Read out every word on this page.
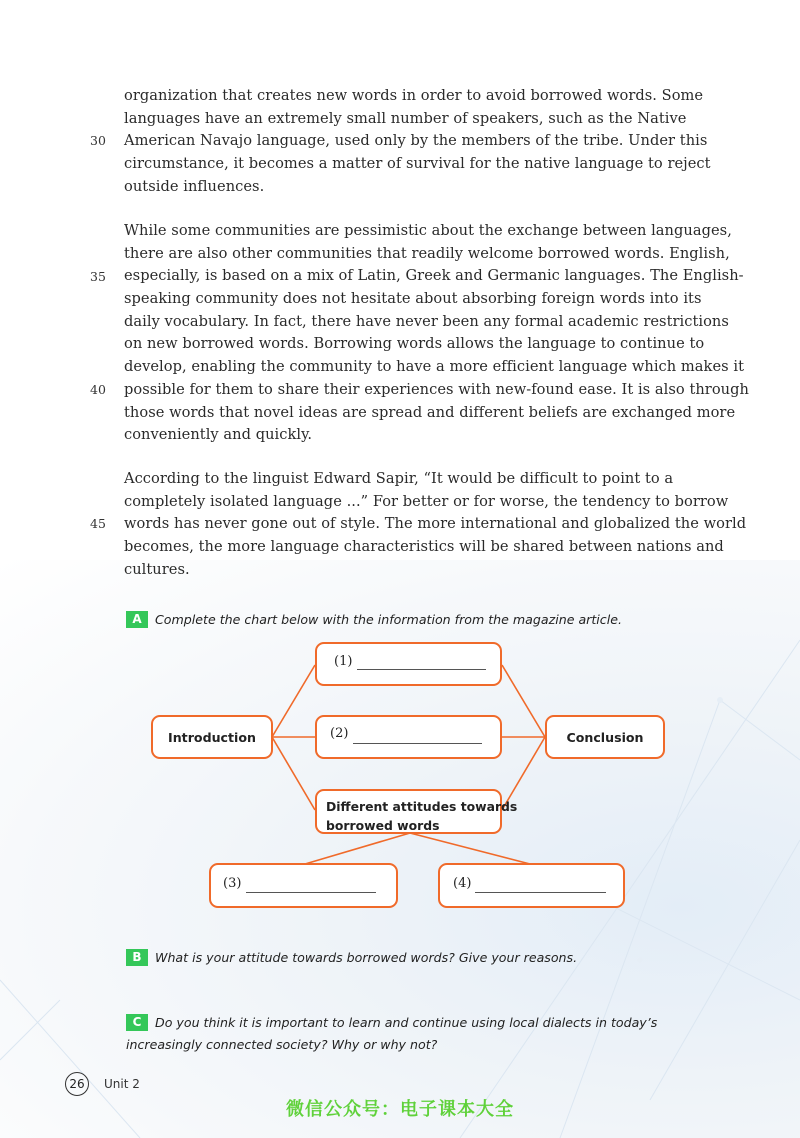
organization that creates new words in order to avoid borrowed words. Some
languages have an extremely small number of speakers, such as the Native
American Navajo language, used only by the members of the tribe. Under this
circumstance, it becomes a matter of survival for the native language to reject
outside influences.
While some communities are pessimistic about the exchange between languages,
there are also other communities that readily welcome borrowed words. English,
especially, is based on a mix of Latin, Greek and Germanic languages. The English-
speaking community does not hesitate about absorbing foreign words into its
daily vocabulary. In fact, there have never been any formal academic restrictions
on new borrowed words. Borrowing words allows the language to continue to
develop, enabling the community to have a more efficient language which makes it
possible for them to share their experiences with new-found ease. It is also through
those words that novel ideas are spread and different beliefs are exchanged more
conveniently and quickly.
According to the linguist Edward Sapir, “It would be difficult to point to a
completely isolated language ...” For better or for worse, the tendency to borrow
words has never gone out of style. The more international and globalized the world
becomes, the more language characteristics will be shared between nations and
cultures.
30
35
40
45
A Complete the chart below with the information from the magazine article.
(1)
Introduction	(2)	Conclusion
Different attitudes towards
borrowed words
(3)	(4)
B What is your attitude towards borrowed words? Give your reasons.
C Do you think it is important to learn and continue using local dialects in today’s
increasingly connected society? Why or why not?
26	Unit 2
微信公众号：电子课本大全
